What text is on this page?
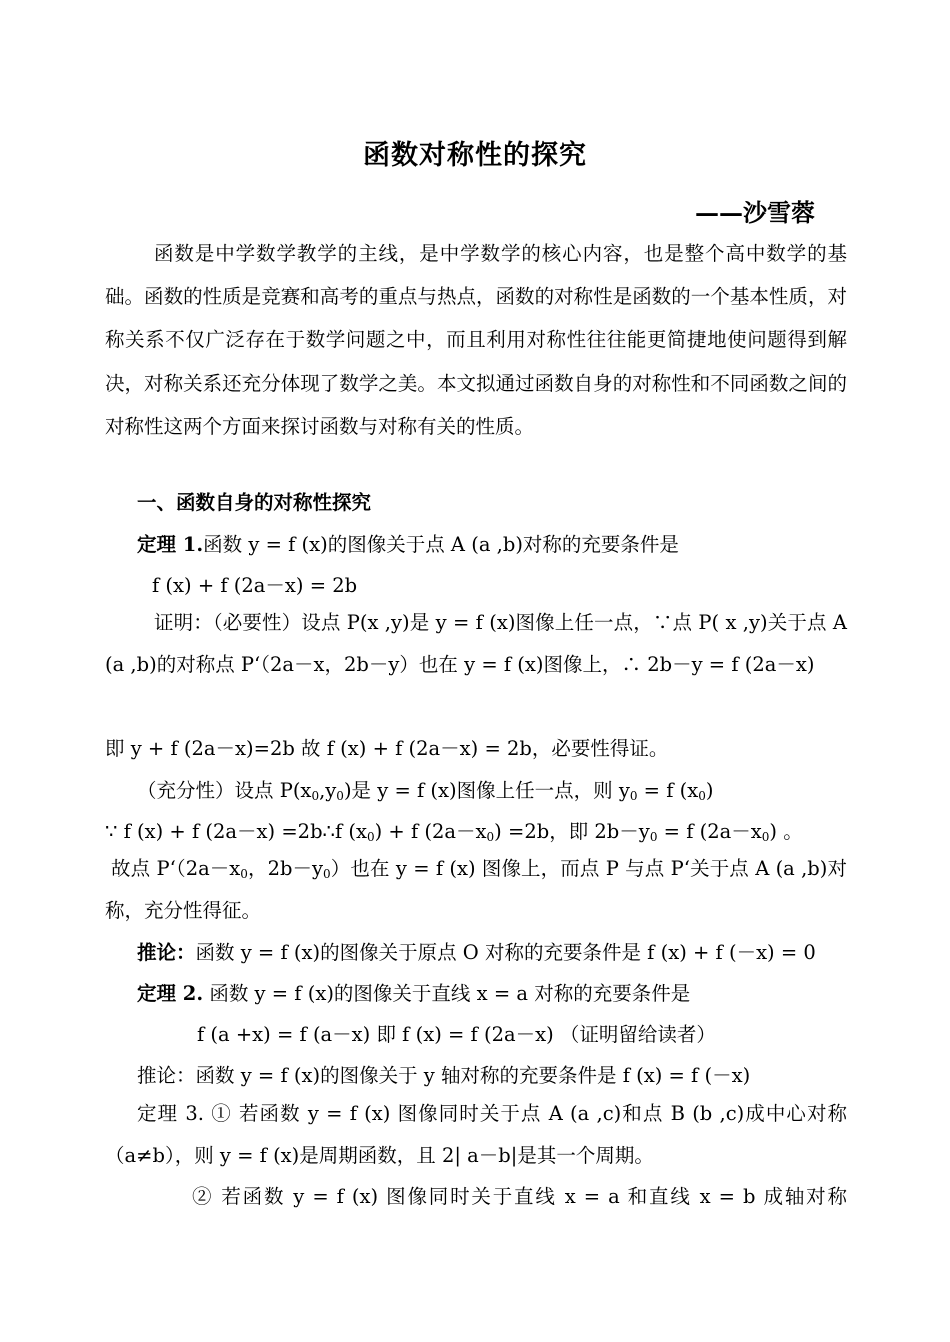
函数对称性的探究
——沙雪蓉
函数是中学数学教学的主线，是中学数学的核心内容，也是整个高中数学的基础。函数的性质是竞赛和高考的重点与热点，函数的对称性是函数的一个基本性质，对称关系不仅广泛存在于数学问题之中，而且利用对称性往往能更简捷地使问题得到解决，对称关系还充分体现了数学之美。本文拟通过函数自身的对称性和不同函数之间的对称性这两个方面来探讨函数与对称有关的性质。
一、函数自身的对称性探究
定理 1.函数 y = f (x)的图像关于点 A (a ,b)对称的充要条件是
f (x) + f (2a－x) = 2b
证明：（必要性）设点 P(x ,y)是 y = f (x)图像上任一点，∵点 P( x ,y)关于点 A (a ,b)的对称点 P‘（2a－x，2b－y）也在 y = f (x)图像上，∴ 2b－y = f (2a－x)
即 y + f (2a－x)=2b 故 f (x) + f (2a－x) = 2b，必要性得证。
（充分性）设点 $P(x_0,y_0)$是 y = f (x)图像上任一点，则 $y_0 = f$ $(x_0)$
∵ f (x) + f (2a－x) =2b∴f $(x_0) + f$ $(2a-x_0) =2b$，即 $2b-y_0 = f$ $(2a-x_0)$ 。
故点 $P‘(2a-x_0$，$2b-y_0$）也在 y = f (x) 图像上，而点 P 与点 P‘关于点 A (a ,b)对称，充分性得征。
推论：函数 y = f (x)的图像关于原点 O 对称的充要条件是 f (x) + f (－x) = 0
定理 2. 函数 y = f (x)的图像关于直线 x = a 对称的充要条件是
f (a +x) = f (a－x) 即 f (x) = f (2a－x) （证明留给读者）
推论：函数 y = f (x)的图像关于 y 轴对称的充要条件是 f (x) = f (－x)
定理 3. ① 若函数 y = f (x) 图像同时关于点 A (a ,c)和点 B (b ,c)成中心对称（a≠b），则 y = f (x)是周期函数，且 2| a－b|是其一个周期。
② 若函数 y = f (x) 图像同时关于直线 x = a 和直线 x = b 成轴对称
